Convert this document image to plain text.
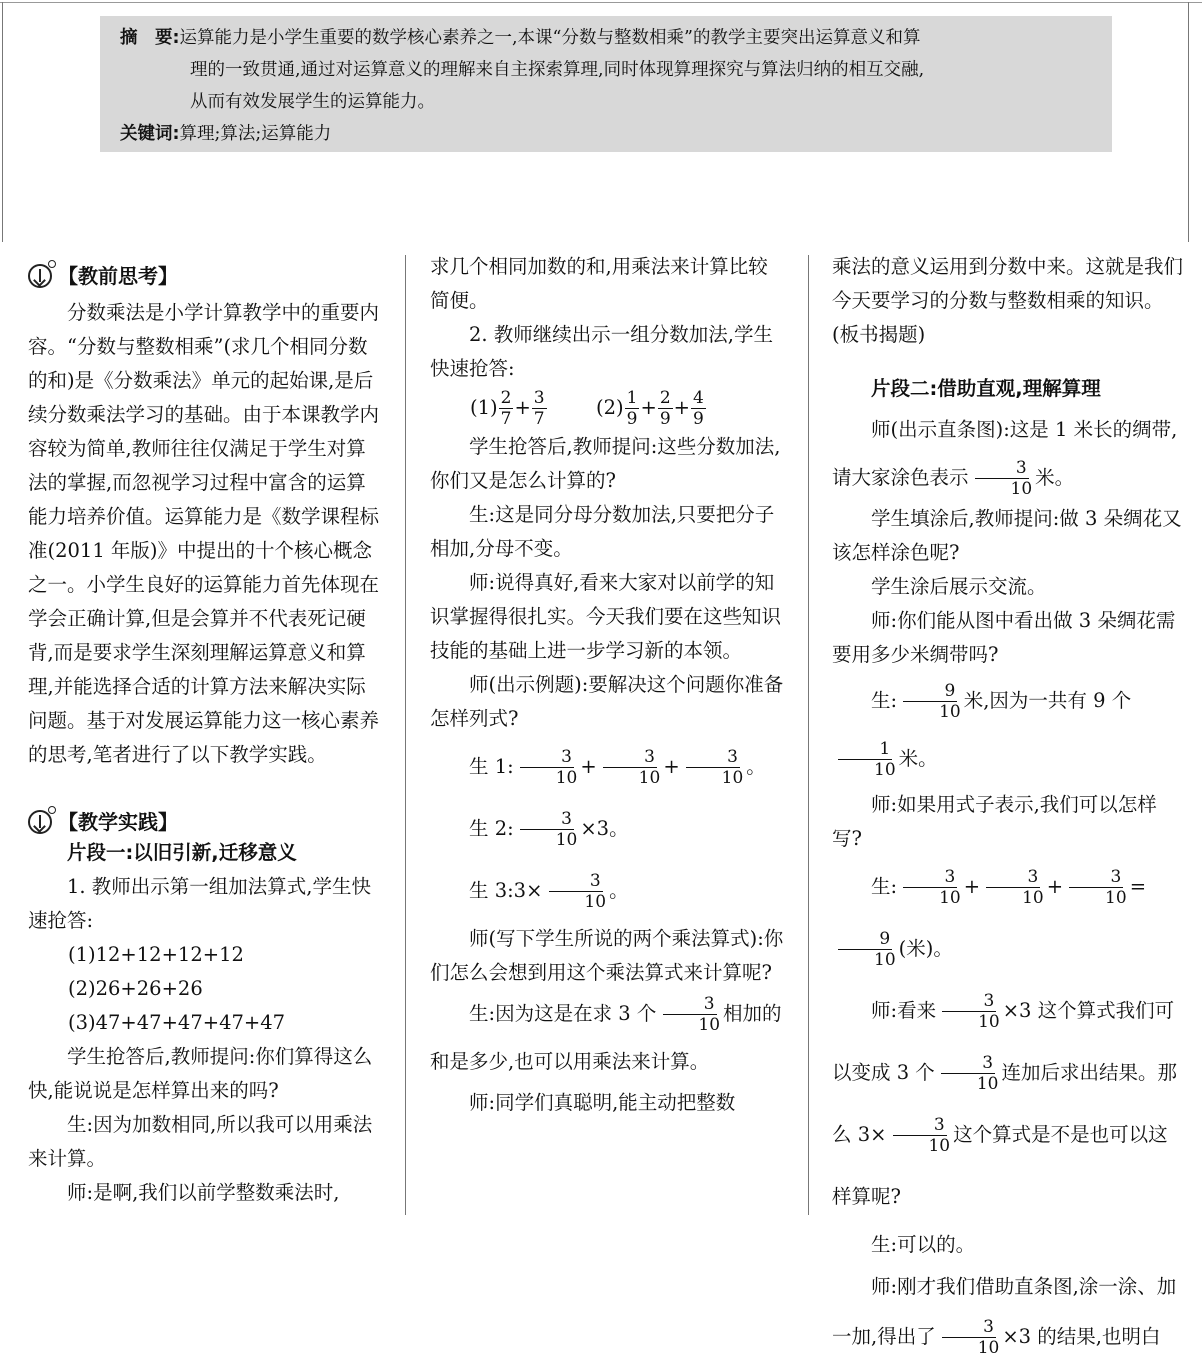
摘　要:运算能力是小学生重要的数学核心素养之一,本课“分数与整数相乘”的教学主要突出运算意义和算
理的一致贯通,通过对运算意义的理解来自主探索算理,同时体现算理探究与算法归纳的相互交融,
从而有效发展学生的运算能力。
关键词:算理;算法;运算能力
【教前思考】

分数乘法是小学计算教学中的重要内容。“分数与整数相乘”(求几个相同分数的和)是《分数乘法》单元的起始课,是后续分数乘法学习的基础。由于本课教学内容较为简单,教师往往仅满足于学生对算法的掌握,而忽视学习过程中富含的运算能力培养价值。运算能力是《数学课程标准(2011 年版)》中提出的十个核心概念之一。小学生良好的运算能力首先体现在学会正确计算,但是会算并不代表死记硬背,而是要求学生深刻理解运算意义和算理,并能选择合适的计算方法来解决实际问题。基于对发展运算能力这一核心素养的思考,笔者进行了以下教学实践。

【教学实践】

片段一:以旧引新,迁移意义

1. 教师出示第一组加法算式,学生快速抢答:

(1)12+12+12+12(2)26+26+26

(3)47+47+47+47+47

学生抢答后,教师提问:你们算得这么快,能说说是怎样算出来的吗?

生:因为加数相同,所以我可以用乘法来计算。

师:是啊,我们以前学整数乘法时,

求几个相同加数的和,用乘法来计算比较简便。

2. 教师继续出示一组分数加法,学生快速抢答:

$(1) \frac{2}{7} + \frac{3}{7}$	$(2) \frac{1}{9} + \frac{2}{9} + \frac{4}{9}$

学生抢答后,教师提问:这些分数加法,你们又是怎么计算的?

生:这是同分母分数加法,只要把分子相加,分母不变。

师:说得真好,看来大家对以前学的知识掌握得很扎实。今天我们要在这些知识技能的基础上进一步学习新的本领。

师(出示例题):要解决这个问题你准备怎样列式?

生 1: $\frac{3}{10} + \frac{3}{10} + \frac{3}{10}$ 。

生 2: $\frac{3}{10} \times 3$。

生 3:3× $\frac{3}{10}$ 。

师(写下学生所说的两个乘法算式):你们怎么会想到用这个乘法算式来计算呢?

生:因为这是在求 3 个 $\frac{3}{10}$ 相加的和是多少,也可以用乘法来计算。

师:同学们真聪明,能主动把整数

乘法的意义运用到分数中来。这就是我们今天要学习的分数与整数相乘的知识。(板书揭题)

片段二:借助直观,理解算理

师(出示直条图):这是 1 米长的绸带,请大家涂色表示 $\frac{3}{10}$ 米。

学生填涂后,教师提问:做 3 朵绸花又该怎样涂色呢?

学生涂后展示交流。

师:你们能从图中看出做 3 朵绸花需要用多少米绸带吗?

生: $\frac{9}{10}$ 米,因为一共有 9 个
$\frac{1}{10}$ 米。

师:如果用式子表示,我们可以怎样写?

生: $\frac{3}{10} + \frac{3}{10} + \frac{3}{10}$ =
$\frac{9}{10}$ (米)。

师:看来 $\frac{3}{10} \times 3$ 这个算式我们可以变成 3 个 $\frac{3}{10}$ 连加后求出结果。那么 $3\times \frac{3}{10}$ 这个算式是不是也可以这样算呢?

生:可以的。

师:刚才我们借助直条图,涂一涂、加一加,得出了 $\frac{3}{10} \times 3$ 的结果,也明白
